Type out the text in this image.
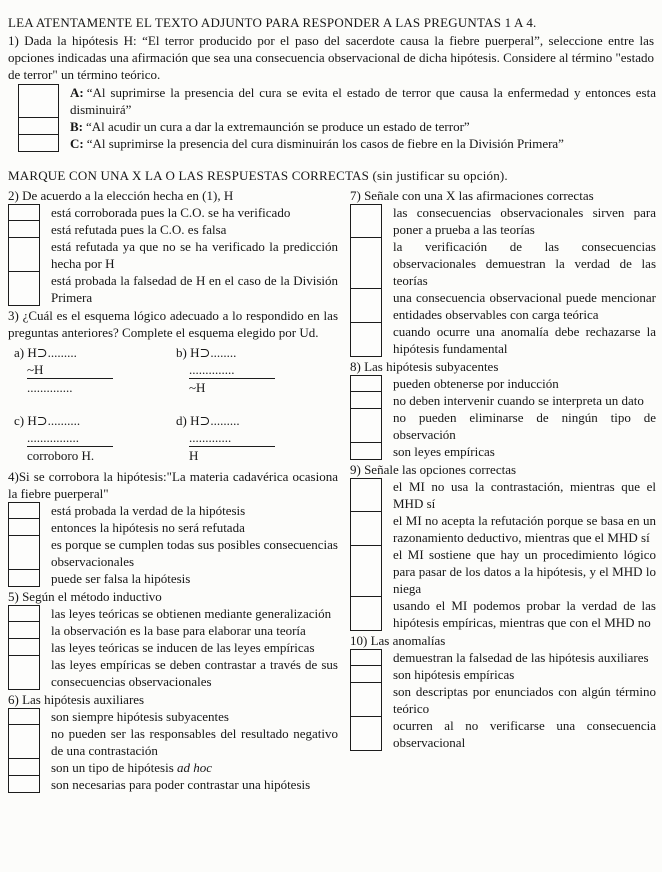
LEA ATENTAMENTE EL TEXTO ADJUNTO PARA RESPONDER A LAS PREGUNTAS 1 A 4.
1) Dada la hipótesis H: “El terror producido por el paso del sacerdote causa la fiebre puerperal”, seleccione entre las opciones indicadas una afirmación que sea una consecuencia observacional de dicha hipótesis. Considere al término "estado de terror" un término teórico.
A: “Al suprimirse la presencia del cura se evita el estado de terror que causa la enfermedad y entonces esta disminuirá”
B: “Al acudir un cura a dar la extremaunción se produce un estado de terror”
C: “Al suprimirse la presencia del cura disminuirán los casos de fiebre en la División Primera”
MARQUE CON UNA X LA O LAS RESPUESTAS CORRECTAS (sin justificar su opción).
2) De acuerdo a la elección hecha en (1), H
está corroborada pues la C.O. se ha verificado
está refutada pues la C.O. es falsa
está refutada ya que no se ha verificado la predicción hecha por H
está probada la falsedad de H en el caso de la División Primera
3) ¿Cuál es el esquema lógico adecuado a lo respondido en las preguntas anteriores? Complete el esquema elegido por Ud.
a) H⊃.........
~H
..............
b) H⊃........
..............
~H
c) H⊃..........
................
corroboro H.
d) H⊃.........
.............
H
4)Si se corrobora la hipótesis:"La materia cadavérica ocasiona la fiebre puerperal"
está probada la verdad de la hipótesis
entonces la hipótesis no será refutada
es porque se cumplen todas sus posibles consecuencias observacionales
puede ser falsa la hipótesis
5) Según el método inductivo
las leyes teóricas se obtienen mediante generalización
la observación es la base para elaborar una teoría
las leyes teóricas se inducen de las leyes empíricas
las leyes empíricas se deben contrastar a través de sus consecuencias observacionales
6) Las hipótesis auxiliares
son siempre hipótesis subyacentes
no pueden ser las responsables del resultado negativo de una contrastación
son un tipo de hipótesis ad hoc
son necesarias para poder contrastar una hipótesis
7) Señale con una X las afirmaciones correctas
las consecuencias observacionales sirven para poner a prueba a las teorías
la verificación de las consecuencias observacionales demuestran la verdad de las teorías
una consecuencia observacional puede mencionar entidades observables con carga teórica
cuando ocurre una anomalía debe rechazarse la hipótesis fundamental
8) Las hipótesis subyacentes
pueden obtenerse por inducción
no deben intervenir cuando se interpreta un dato
no pueden eliminarse de ningún tipo de observación
son leyes empíricas
9) Señale las opciones correctas
el MI no usa la contrastación, mientras que el MHD sí
el MI no acepta la refutación porque se basa en un razonamiento deductivo, mientras que el MHD sí
el MI sostiene que hay un procedimiento lógico para pasar de los datos a la hipótesis, y el MHD lo niega
usando el MI podemos probar la verdad de las hipótesis empíricas, mientras que con el MHD no
10) Las anomalías
demuestran la falsedad de las hipótesis auxiliares
son hipótesis empíricas
son descriptas por enunciados con algún término teórico
ocurren al no verificarse una consecuencia observacional
